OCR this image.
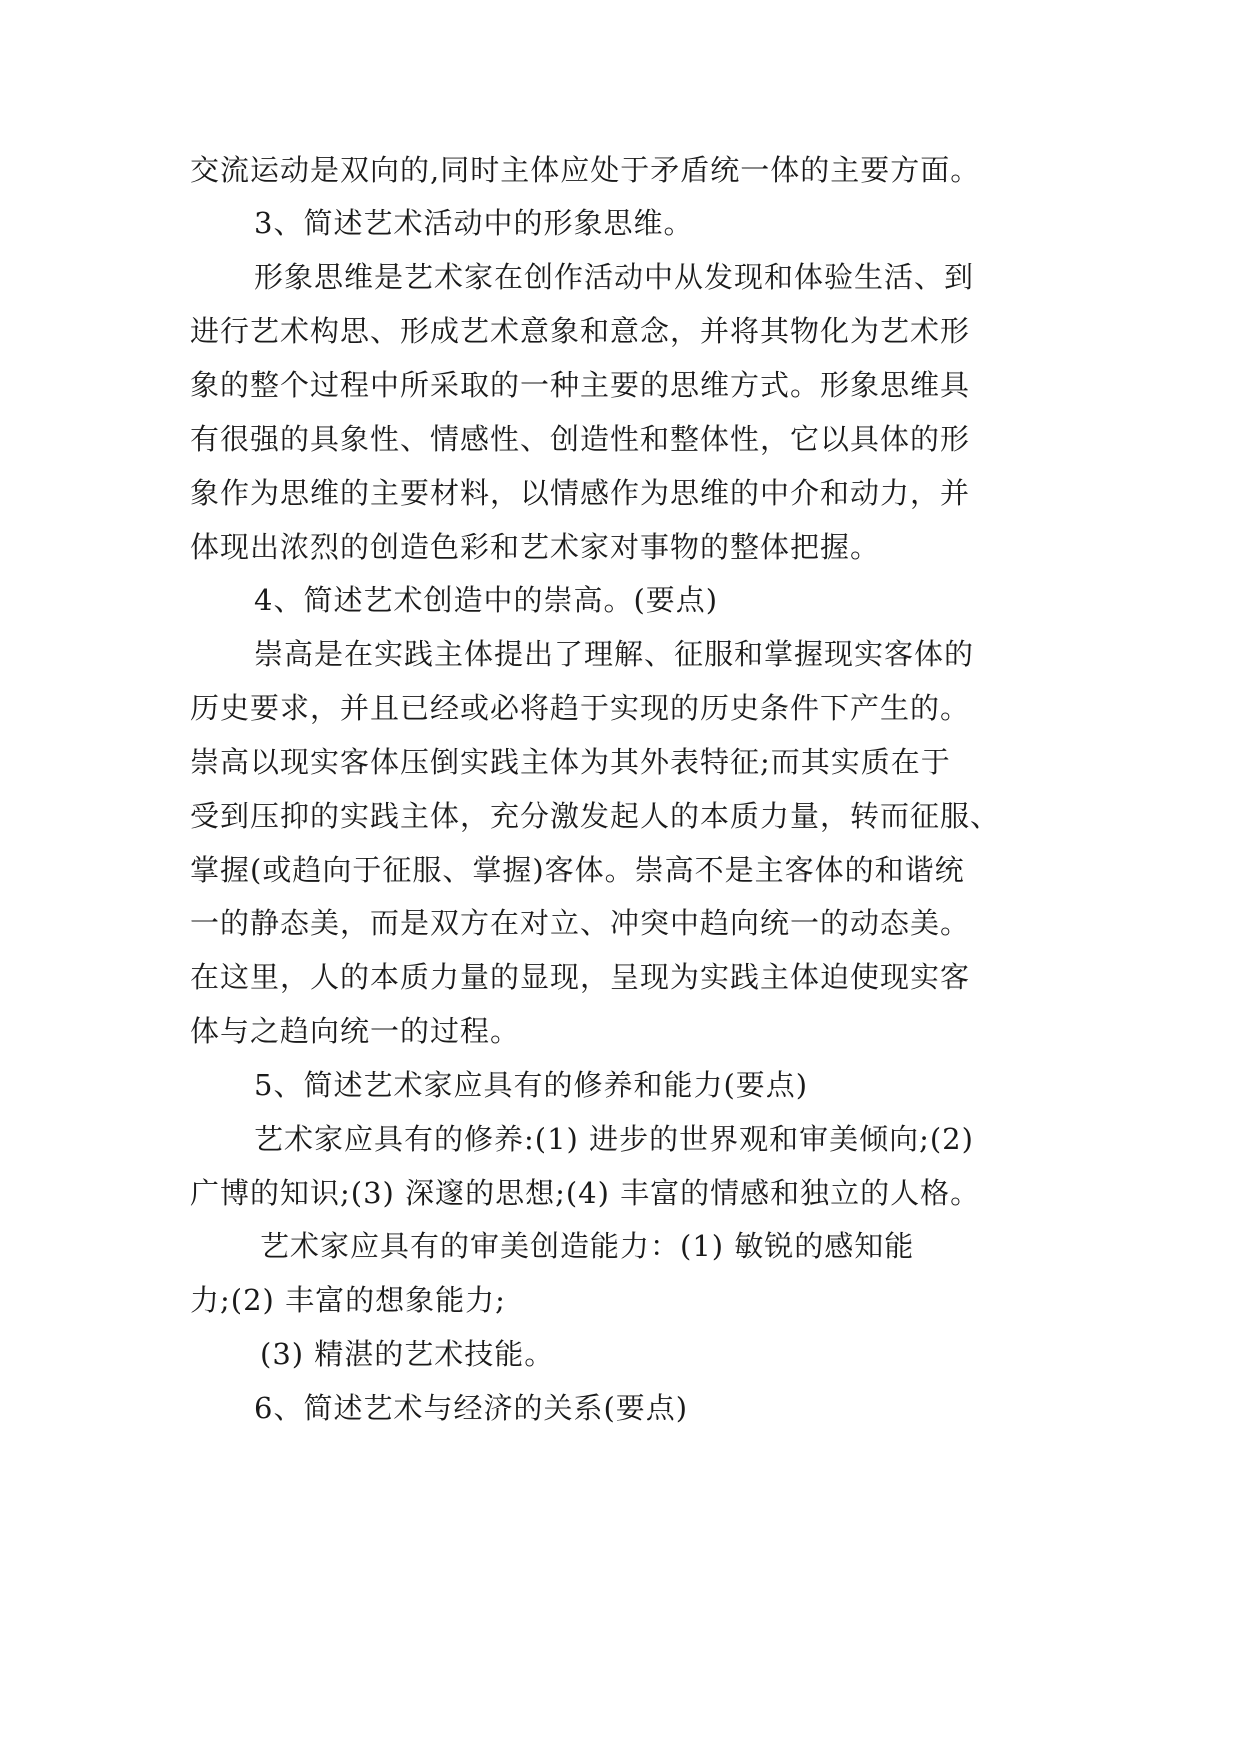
交流运动是双向的,同时主体应处于矛盾统一体的主要方面。
3、简述艺术活动中的形象思维。
形象思维是艺术家在创作活动中从发现和体验生活、到
进行艺术构思、形成艺术意象和意念，并将其物化为艺术形
象的整个过程中所采取的一种主要的思维方式。形象思维具
有很强的具象性、情感性、创造性和整体性，它以具体的形
象作为思维的主要材料，以情感作为思维的中介和动力，并
体现出浓烈的创造色彩和艺术家对事物的整体把握。
4、简述艺术创造中的崇高。(要点)
崇高是在实践主体提出了理解、征服和掌握现实客体的
历史要求，并且已经或必将趋于实现的历史条件下产生的。
崇高以现实客体压倒实践主体为其外表特征;而其实质在于
受到压抑的实践主体，充分激发起人的本质力量，转而征服、
掌握(或趋向于征服、掌握)客体。崇高不是主客体的和谐统
一的静态美，而是双方在对立、冲突中趋向统一的动态美。
在这里，人的本质力量的显现，呈现为实践主体迫使现实客
体与之趋向统一的过程。
5、简述艺术家应具有的修养和能力(要点)
艺术家应具有的修养:(1) 进步的世界观和审美倾向;(2)
广博的知识;(3) 深邃的思想;(4) 丰富的情感和独立的人格。
艺术家应具有的审美创造能力：(1) 敏锐的感知能
力;(2) 丰富的想象能力;
(3) 精湛的艺术技能。
6、简述艺术与经济的关系(要点)
